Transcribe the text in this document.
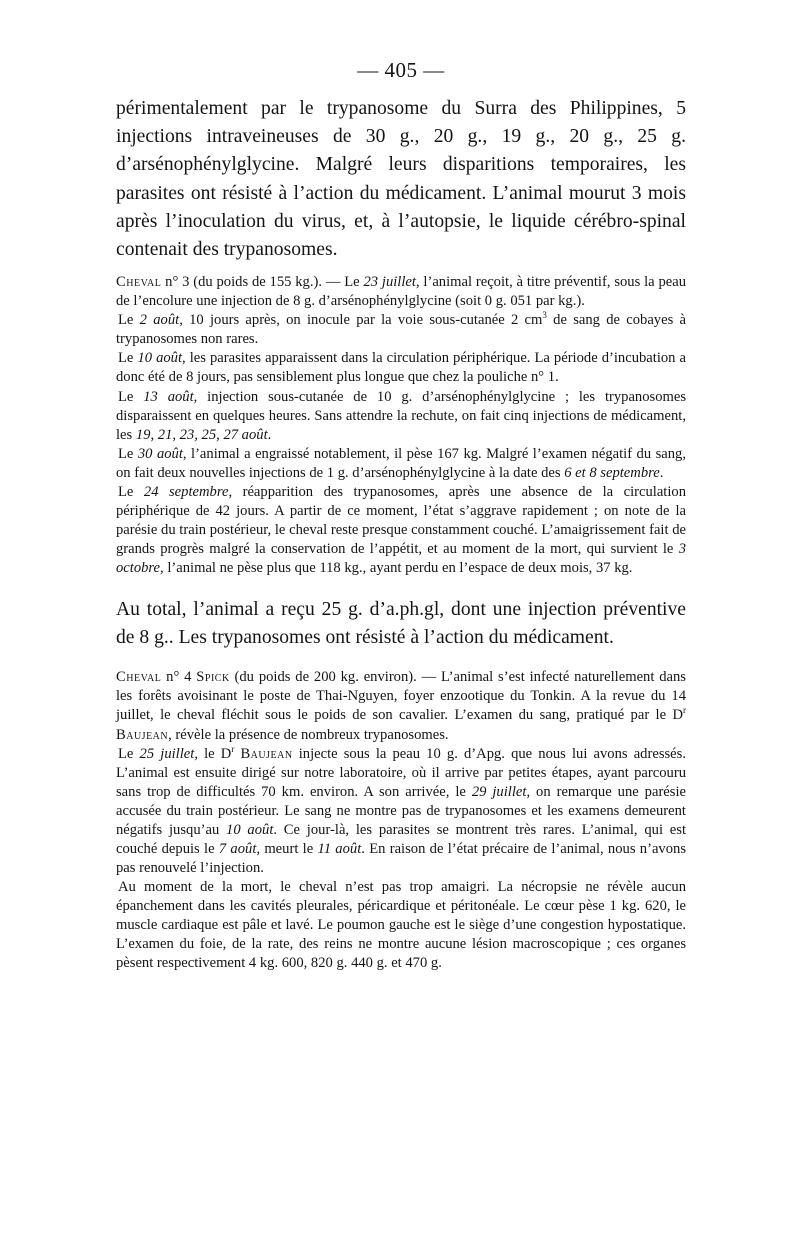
— 405 —

périmentalement par le trypanosome du Surra des Philippines, 5 injections intraveineuses de 30 g., 20 g., 19 g., 20 g., 25 g. d’arsénophénylglycine. Malgré leurs disparitions temporaires, les parasites ont résisté à l’action du médicament. L’animal mourut 3 mois après l’inoculation du virus, et, à l’autopsie, le liquide cérébro-spinal contenait des trypanosomes.

Cheval n° 3 (du poids de 155 kg.). — Le 23 juillet, l’animal reçoit, à titre préventif, sous la peau de l’encolure une injection de 8 g. d’arsénophénylglycine (soit 0 g. 051 par kg.).

Le 2 août, 10 jours après, on inocule par la voie sous-cutanée 2 $cm^3$ de sang de cobayes à trypanosomes non rares.

Le 10 août, les parasites apparaissent dans la circulation périphérique. La période d’incubation a donc été de 8 jours, pas sensiblement plus longue que chez la pouliche n° 1.

Le 13 août, injection sous-cutanée de 10 g. d’arsénophénylglycine ; les trypanosomes disparaissent en quelques heures. Sans attendre la rechute, on fait cinq injections de médicament, les 19, 21, 23, 25, 27 août.

Le 30 août, l’animal a engraissé notablement, il pèse 167 kg. Malgré l’examen négatif du sang, on fait deux nouvelles injections de 1 g. d’arsénophénylglycine à la date des 6 et 8 septembre.

Le 24 septembre, réapparition des trypanosomes, après une absence de la circulation périphérique de 42 jours. A partir de ce moment, l’état s’aggrave rapidement ; on note de la parésie du train postérieur, le cheval reste presque constamment couché. L’amaigrissement fait de grands progrès malgré la conservation de l’appétit, et au moment de la mort, qui survient le 3 octobre, l’animal ne pèse plus que 118 kg., ayant perdu en l’espace de deux mois, 37 kg.

Au total, l’animal a reçu 25 g. d’a.ph.gl, dont une injection préventive de 8 g.. Les trypanosomes ont résisté à l’action du médicament.

Cheval n° 4 Spick (du poids de 200 kg. environ). — L’animal s’est infecté naturellement dans les forêts avoisinant le poste de Thai-Nguyen, foyer enzootique du Tonkin. A la revue du 14 juillet, le cheval fléchit sous le poids de son cavalier. L’examen du sang, pratiqué par le $D^r$ Baujean, révèle la présence de nombreux trypanosomes.

Le 25 juillet, le $D^r$ Baujean injecte sous la peau 10 g. d’Apg. que nous lui avons adressés. L’animal est ensuite dirigé sur notre laboratoire, où il arrive par petites étapes, ayant parcouru sans trop de difficultés 70 km. environ. A son arrivée, le 29 juillet, on remarque une parésie accusée du train postérieur. Le sang ne montre pas de trypanosomes et les examens demeurent négatifs jusqu’au 10 août. Ce jour-là, les parasites se montrent très rares. L’animal, qui est couché depuis le 7 août, meurt le 11 août. En raison de l’état précaire de l’animal, nous n’avons pas renouvelé l’injection.

Au moment de la mort, le cheval n’est pas trop amaigri. La nécropsie ne révèle aucun épanchement dans les cavités pleurales, péricardique et péritonéale. Le cœur pèse 1 kg. 620, le muscle cardiaque est pâle et lavé. Le poumon gauche est le siège d’une congestion hypostatique. L’examen du foie, de la rate, des reins ne montre aucune lésion macroscopique ; ces organes pèsent respectivement 4 kg. 600, 820 g. 440 g. et 470 g.
